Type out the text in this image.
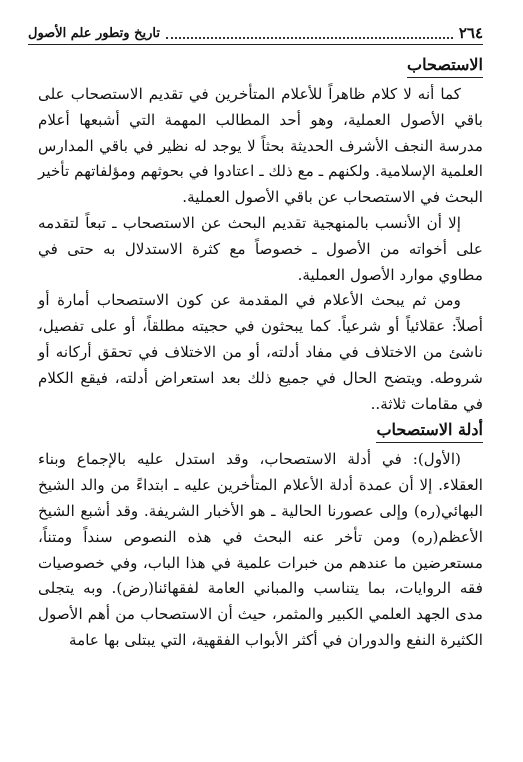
٢٦٤
تاريخ وتطور علم الأصول
الاستصحاب

كما أنه لا كلام ظاهراً للأعلام المتأخرين في تقديم الاستصحاب على باقي الأصول العملية، وهو أحد المطالب المهمة التي أشبعها أعلام مدرسة النجف الأشرف الحديثة بحثاً لا يوجد له نظير في باقي المدارس العلمية الإسلامية. ولكنهم ـ مع ذلك ـ اعتادوا في بحوثهم ومؤلفاتهم تأخير البحث في الاستصحاب عن باقي الأصول العملية.

إلا أن الأنسب بالمنهجية تقديم البحث عن الاستصحاب ـ تبعاً لتقدمه على أخواته من الأصول ـ خصوصاً مع كثرة الاستدلال به حتى في مطاوي موارد الأصول العملية.

ومن ثم يبحث الأعلام في المقدمة عن كون الاستصحاب أمارة أو أصلاً: عقلائياً أو شرعياً. كما يبحثون في حجيته مطلقاً، أو على تفصيل، ناشئ من الاختلاف في مفاد أدلته، أو من الاختلاف في تحقق أركانه أو شروطه. ويتضح الحال في جميع ذلك بعد استعراض أدلته، فيقع الكلام في مقامات ثلاثة..

أدلة الاستصحاب

(الأول): في أدلة الاستصحاب، وقد استدل عليه بالإجماع وبناء العقلاء. إلا أن عمدة أدلة الأعلام المتأخرين عليه ـ ابتداءً من والد الشيخ البهائي(ره) وإلى عصورنا الحالية ـ هو الأخبار الشريفة. وقد أشبع الشيخ الأعظم(ره) ومن تأخر عنه البحث في هذه النصوص سنداً ومتناً، مستعرضين ما عندهم من خبرات علمية في هذا الباب، وفي خصوصيات فقه الروايات، بما يتناسب والمباني العامة لفقهائنا(رض). وبه يتجلى مدى الجهد العلمي الكبير والمثمر، حيث أن الاستصحاب من أهم الأصول الكثيرة النفع والدوران في أكثر الأبواب الفقهية، التي يبتلى بها عامة
